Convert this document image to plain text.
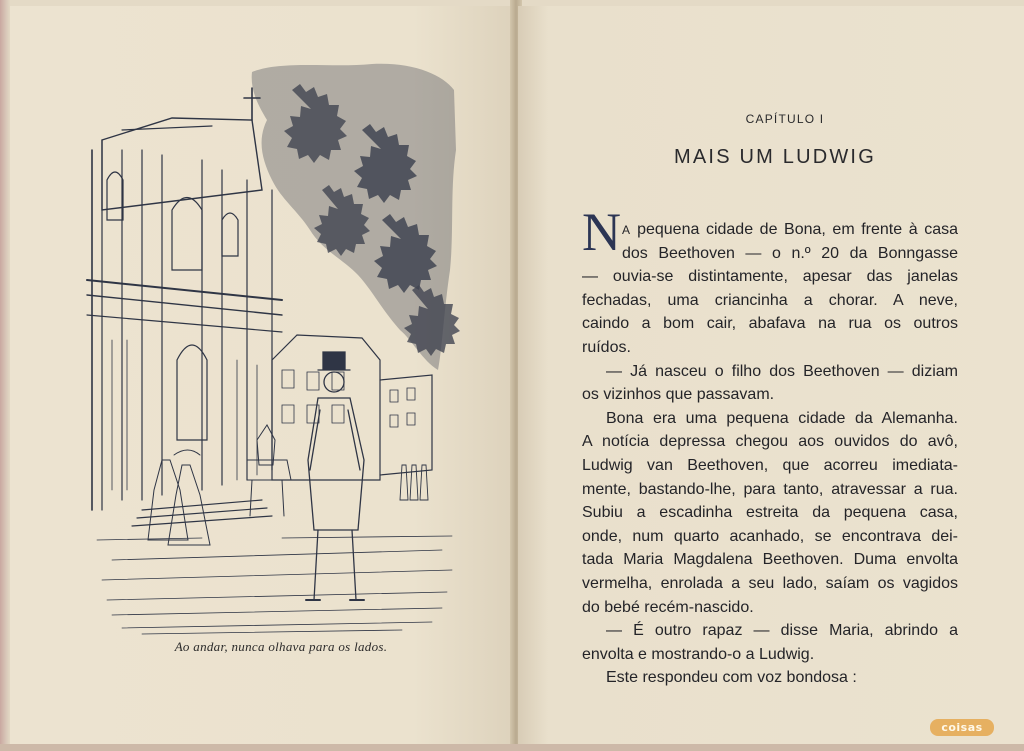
Ao andar, nunca olhava para os lados.
CAPÍTULO I
MAIS UM LUDWIG
N A pequena cidade de Bona, em frente à casa
dos Beethoven — o n.º 20 da Bonngasse
— ouvia-se distintamente, apesar das janelas
fechadas, uma criancinha a chorar. A neve,
caindo a bom cair, abafava na rua os outros
ruídos.
— Já nasceu o filho dos Beethoven — diziam
os vizinhos que passavam.
Bona era uma pequena cidade da Alemanha.
A notícia depressa chegou aos ouvidos do avô,
Ludwig van Beethoven, que acorreu imediata-
mente, bastando-lhe, para tanto, atravessar a rua.
Subiu a escadinha estreita da pequena casa,
onde, num quarto acanhado, se encontrava dei-
tada Maria Magdalena Beethoven. Duma envolta
vermelha, enrolada a seu lado, saíam os vagidos
do bebé recém-nascido.
— É outro rapaz — disse Maria, abrindo a
envolta e mostrando-o a Ludwig.
Este respondeu com voz bondosa :
coisas
